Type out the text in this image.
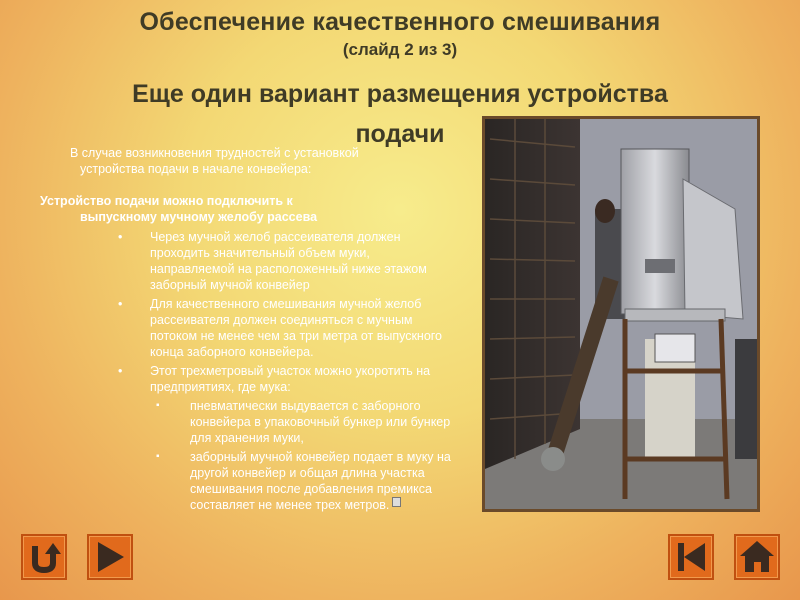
Обеспечение качественного смешивания
(слайд 2 из 3)
Еще один вариант размещения устройства
подачи
В случае возникновения трудностей с установкой
устройства подачи в начале конвейера:
Устройство подачи можно подключить к
выпускному мучному желобу рассева
• Через мучной желоб рассеивателя должен проходить значительный объем муки, направляемой на расположенный ниже этажом заборный мучной конвейер
• Для качественного смешивания мучной желоб рассеивателя должен соединяться с мучным потоком не менее чем за три метра от выпускного конца заборного конвейера.
• Этот трехметровый участок можно укоротить на предприятиях, где мука:
▪ пневматически выдувается с заборного конвейера в упаковочный бункер или бункер для хранения муки,
▪ заборный мучной конвейер подает в муку на другой конвейер и общая длина участка смешивания после добавления премикса составляет не менее трех метров.
